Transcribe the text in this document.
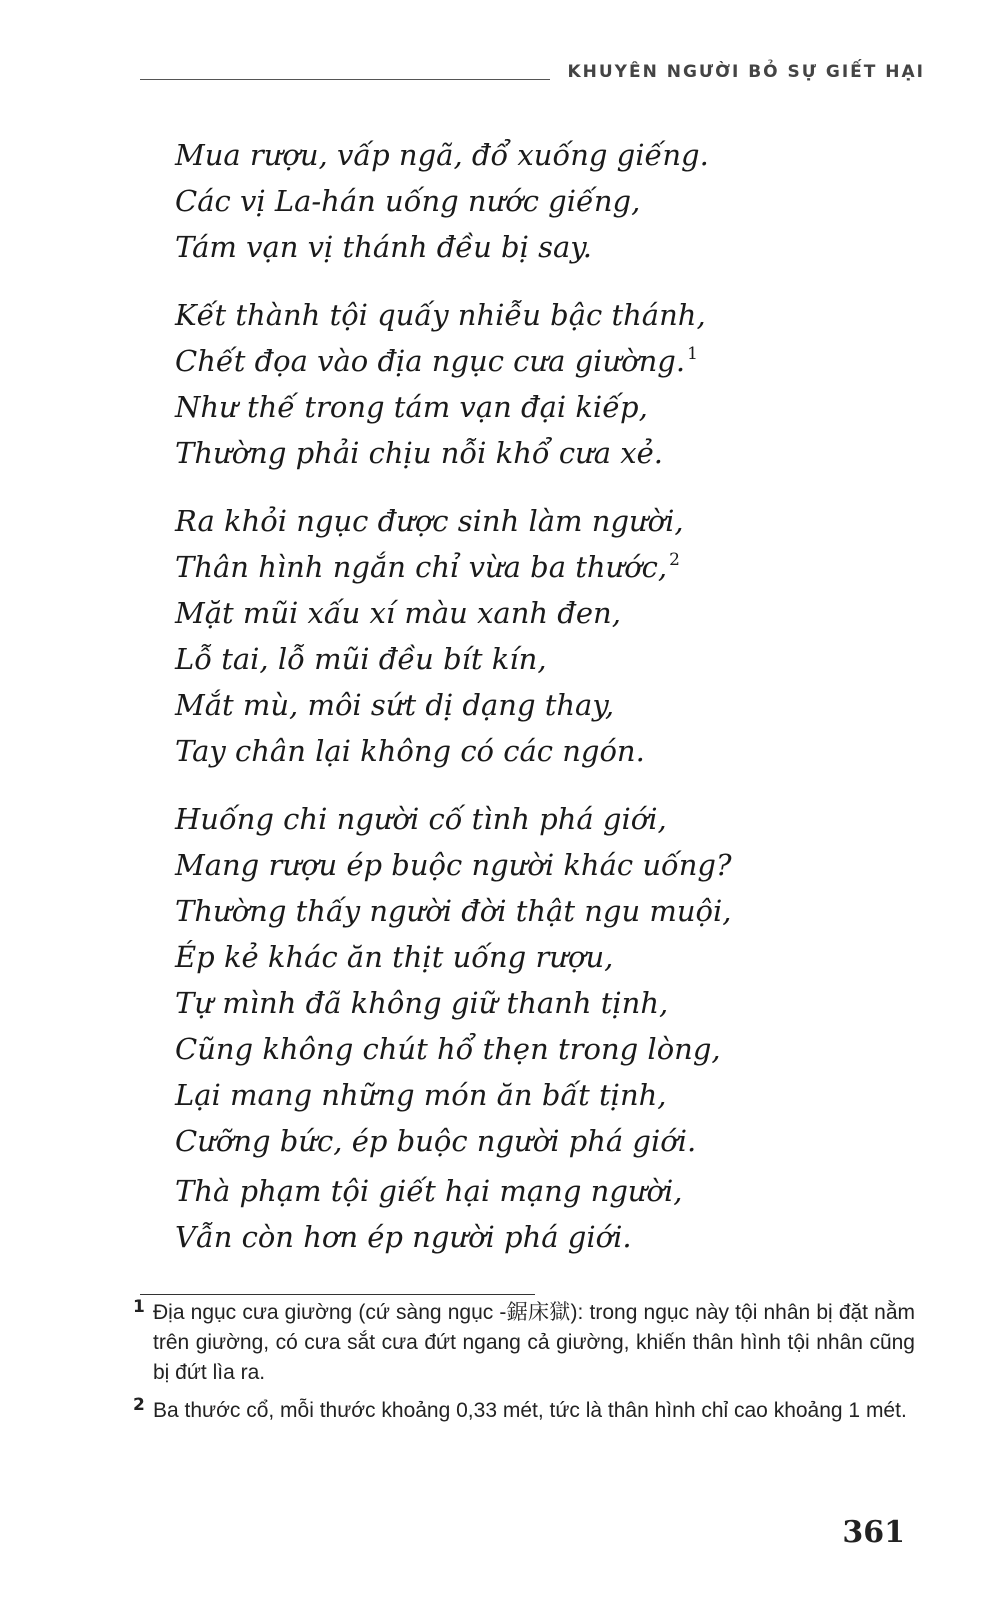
KHUYÊN NGƯỜI BỎ SỰ GIẾT HẠI
Mua rượu, vấp ngã, đổ xuống giếng.
Các vị La-hán uống nước giếng,
Tám vạn vị thánh đều bị say.
Kết thành tội quấy nhiễu bậc thánh,
Chết đọa vào địa ngục cưa giường. $^1$
Như thế trong tám vạn đại kiếp,
Thường phải chịu nỗi khổ cưa xẻ.
Ra khỏi ngục được sinh làm người,
Thân hình ngắn chỉ vừa ba thước, $^2$
Mặt mũi xấu xí màu xanh đen,
Lỗ tai, lỗ mũi đều bít kín,
Mắt mù, môi sứt dị dạng thay,
Tay chân lại không có các ngón.
Huống chi người cố tình phá giới,
Mang rượu ép buộc người khác uống?
Thường thấy người đời thật ngu muội,
Ép kẻ khác ăn thịt uống rượu,
Tự mình đã không giữ thanh tịnh,
Cũng không chút hổ thẹn trong lòng,
Lại mang những món ăn bất tịnh,
Cưỡng bức, ép buộc người phá giới.
Thà phạm tội giết hại mạng người,
Vẫn còn hơn ép người phá giới.
1 Địa ngục cưa giường (cứ sàng ngục -鋸床獄): trong ngục này tội nhân bị đặt nằm trên giường, có cưa sắt cưa đứt ngang cả giường, khiến thân hình tội nhân cũng bị đứt lìa ra.
2 Ba thước cổ, mỗi thước khoảng 0,33 mét, tức là thân hình chỉ cao khoảng 1 mét.
361
